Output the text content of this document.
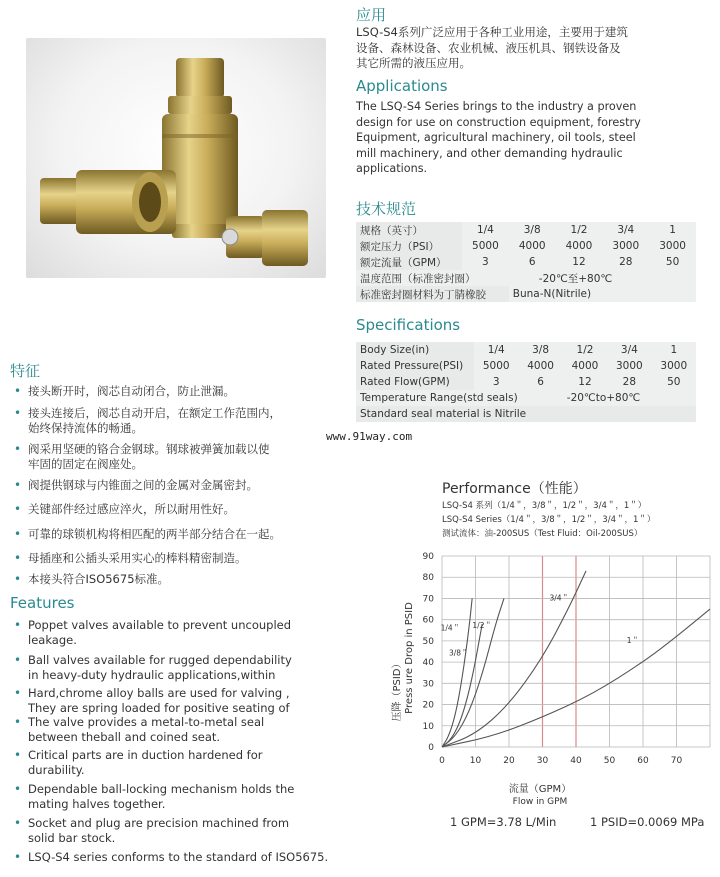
应用
LSQ-S4系列广泛应用于各种工业用途，主要用于建筑
设备、森林设备、农业机械、液压机具、钢铁设备及
其它所需的液压应用。
Applications
The LSQ-S4 Series brings to the industry a proven
design for use on construction equipment, forestry
Equipment, agricultural machinery, oil tools, steel
mill machinery, and other demanding hydraulic
applications.
技术规范
规格（英寸）	1/4	3/8	1/2	3/4	1
额定压力（PSI）	5000	4000	4000	3000	3000
额定流量（GPM）	3	6	12	28	50
温度范围（标准密封圈）		-20℃至+80℃			
标准密封圈材料为丁腈橡胶		Buna-N(Nitrile)			
Specifications
Body Size(in)	1/4	3/8	1/2	3/4	1
Rated Pressure(PSI)	5000	4000	4000	3000	3000
Rated Flow(GPM)	3	6	12	28	50
Temperature Range(std seals)			-20℃to+80℃		
Standard seal material is Nitrile					
www.91way.com
特征
• 接头断开时，阀芯自动闭合，防止泄漏。
• 接头连接后，阀芯自动开启，在额定工作范围内，
始终保持流体的畅通。
• 阀采用坚硬的铬合金钢球。钢球被弹簧加载以使
牢固的固定在阀座处。
• 阀提供钢球与内锥面之间的金属对金属密封。
• 关键部件经过感应淬火，所以耐用性好。
• 可靠的球锁机构将相匹配的两半部分结合在一起。
• 母插座和公插头采用实心的棒料精密制造。
• 本接头符合ISO5675标准。
Features
• Poppet valves available to prevent uncoupled
leakage.
• Ball valves available for rugged dependability
in heavy-duty hydraulic applications,within
• Hard,chrome alloy balls are used for valving ,
They are spring loaded for positive seating of
• The valve provides a metal-to-metal seal
between theball and coined seat.
• Critical parts are in duction hardened for
durability.
• Dependable ball-locking mechanism holds the
mating halves together.
• Socket and plug are precision machined from
solid bar stock.
• LSQ-S4 series conforms to the standard of ISO5675.
Performance（性能）
LSQ-S4 系列（1/4＂，3/8＂，1/2＂，3/4＂，1＂）
LSQ-S4 Series（1/4＂，3/8＂，1/2＂，3/4＂，1＂）
测试流体：油-200SUS（Test Fluid：Oil-200SUS）
0	10 20 30 40 50 60 70
0
10
20
30
40
50
60
70
80
90
1/4＂
3/8＂
1/2＂
3/4＂
1＂
压降（PSID） Press ure Drop in PSID
流量（GPM）
Flow in GPM
1 GPM=3.78 L/Min	1 PSID=0.0069 MPa
